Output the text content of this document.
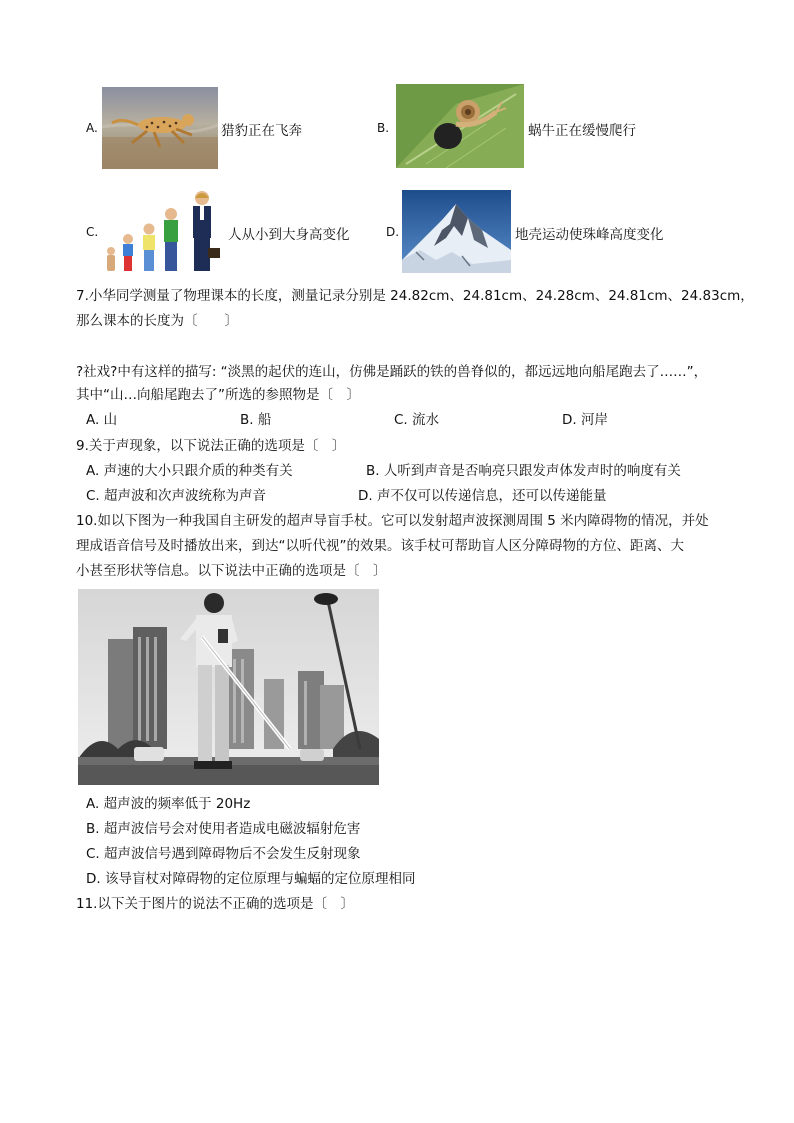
A.	猎豹正在飞奔	B.	蜗牛正在缓慢爬行
C.	人从小到大身高变化	D.	地壳运动使珠峰高度变化
7.小华同学测量了物理课本的长度，测量记录分别是 24.82cm、24.81cm、24.28cm、24.81cm、24.83cm，
那么课本的长度为〔　　〕
?社戏?中有这样的描写: “淡黑的起伏的连山，仿佛是踊跃的铁的兽脊似的，都远远地向船尾跑去了……”，
其中“山…向船尾跑去了”所选的参照物是〔　〕
A. 山	B. 船	C. 流水	D. 河岸
9.关于声现象，以下说法正确的选项是〔　〕
A. 声速的大小只跟介质的种类有关	B. 人听到声音是否响亮只跟发声体发声时的响度有关
C. 超声波和次声波统称为声音	D. 声不仅可以传递信息，还可以传递能量
10.如以下图为一种我国自主研发的超声导盲手杖。它可以发射超声波探测周围 5 米内障碍物的情况，并处
理成语音信号及时播放出来，到达“以听代视”的效果。该手杖可帮助盲人区分障碍物的方位、距离、大
小甚至形状等信息。以下说法中正确的选项是〔　〕
A. 超声波的频率低于 20Hz
B. 超声波信号会对使用者造成电磁波辐射危害
C. 超声波信号遇到障碍物后不会发生反射现象
D. 该导盲杖对障碍物的定位原理与蝙蝠的定位原理相同
11.以下关于图片的说法不正确的选项是〔　〕
